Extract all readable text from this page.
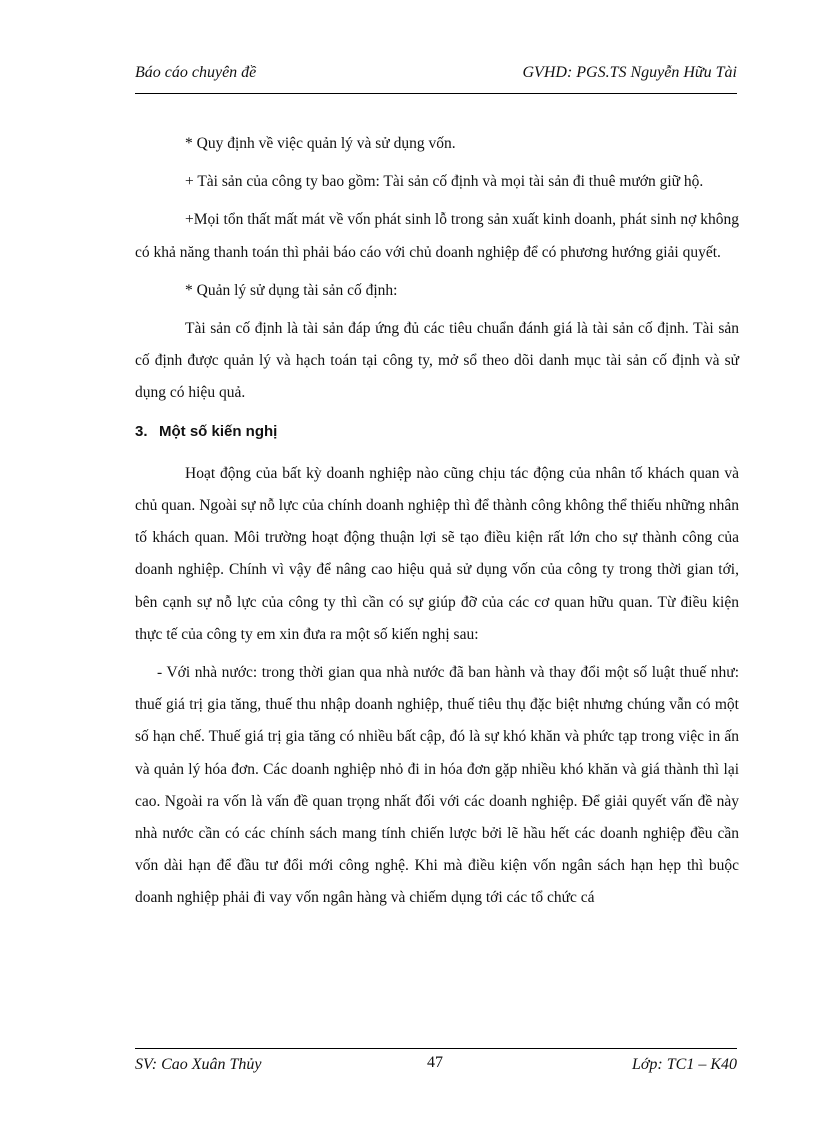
Báo cáo chuyên đề	GVHD: PGS.TS Nguyễn Hữu Tài

* Quy định về việc quản lý và sử dụng vốn.

+ Tài sản của công ty bao gồm: Tài sản cố định và mọi tài sản đi thuê mướn giữ hộ.

+Mọi tổn thất mất mát về vốn phát sinh lỗ trong sản xuất kinh doanh, phát sinh nợ không có khả năng thanh toán thì phải báo cáo với chủ doanh nghiệp để có phương hướng giải quyết.

* Quản lý sử dụng tài sản cố định:

Tài sản cố định là tài sản đáp ứng đủ các tiêu chuẩn đánh giá là tài sản cố định. Tài sản cố định được quản lý và hạch toán tại công ty, mở sổ theo dõi danh mục tài sản cố định và sử dụng có hiệu quả.

3. Một số kiến nghị

Hoạt động của bất kỳ doanh nghiệp nào cũng chịu tác động của nhân tố khách quan và chủ quan. Ngoài sự nỗ lực của chính doanh nghiệp thì để thành công không thể thiếu những nhân tố khách quan. Môi trường hoạt động thuận lợi sẽ tạo điều kiện rất lớn cho sự thành công của doanh nghiệp. Chính vì vậy để nâng cao hiệu quả sử dụng vốn của công ty trong thời gian tới, bên cạnh sự nỗ lực của công ty thì cần có sự giúp đỡ của các cơ quan hữu quan. Từ điều kiện thực tế của công ty em xin đưa ra một số kiến nghị sau:

- Với nhà nước: trong thời gian qua nhà nước đã ban hành và thay đổi một số luật thuế như: thuế giá trị gia tăng, thuế thu nhập doanh nghiệp, thuế tiêu thụ đặc biệt nhưng chúng vẫn có một số hạn chế. Thuế giá trị gia tăng có nhiều bất cập, đó là sự khó khăn và phức tạp trong việc in ấn và quản lý hóa đơn. Các doanh nghiệp nhỏ đi in hóa đơn gặp nhiều khó khăn và giá thành thì lại cao. Ngoài ra vốn là vấn đề quan trọng nhất đối với các doanh nghiệp. Để giải quyết vấn đề này nhà nước cần có các chính sách mang tính chiến lược bởi lẽ hầu hết các doanh nghiệp đều cần vốn dài hạn để đầu tư đổi mới công nghệ. Khi mà điều kiện vốn ngân sách hạn hẹp thì buộc doanh nghiệp phải đi vay vốn ngân hàng và chiếm dụng tới các tổ chức cá

SV: Cao Xuân Thủy	47	Lớp: TC1 – K40
